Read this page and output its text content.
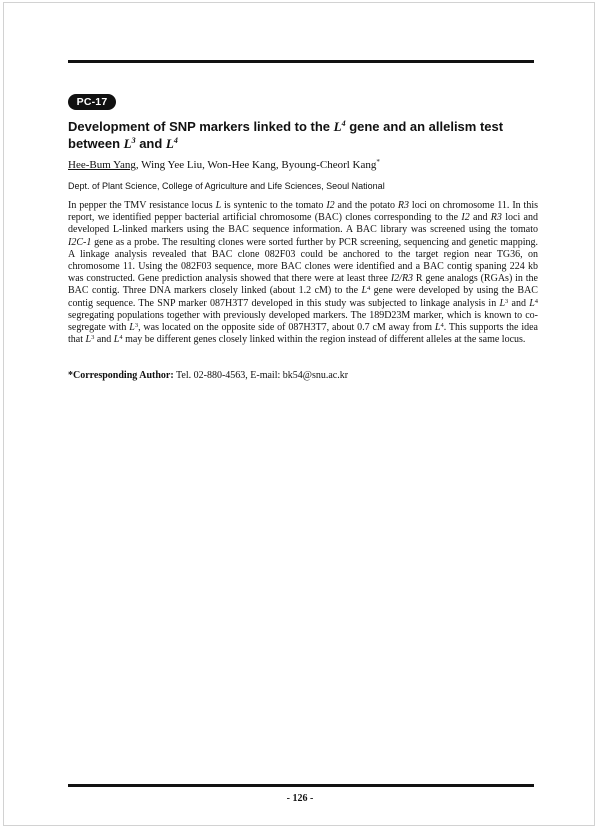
PC-17
Development of SNP markers linked to the $L^4$ gene and an allelism test between $L^3$ and $L^4$
Hee-Bum Yang, Wing Yee Liu, Won-Hee Kang, Byoung-Cheorl Kang*
Dept. of Plant Science, College of Agriculture and Life Sciences, Seoul National

In pepper the TMV resistance locus L is syntenic to the tomato I2 and the potato R3 loci on chromosome 11. In this report, we identified pepper bacterial artificial chromosome (BAC) clones corresponding to the I2 and R3 loci and developed L-linked markers using the BAC sequence information. A BAC library was screened using the tomato I2C-1 gene as a probe. The resulting clones were sorted further by PCR screening, sequencing and genetic mapping. A linkage analysis revealed that BAC clone 082F03 could be anchored to the target region near TG36, on chromosome 11. Using the 082F03 sequence, more BAC clones were identified and a BAC contig spaning 224 kb was constructed. Gene prediction analysis showed that there were at least three I2/R3 R gene analogs (RGAs) in the BAC contig. Three DNA markers closely linked (about 1.2 cM) to the $L^4$ gene were developed by using the BAC contig sequence. The SNP marker 087H3T7 developed in this study was subjected to linkage analysis in $L^3$ and $L^4$ segregating populations together with previously developed markers. The 189D23M marker, which is known to co-segregate with $L^3$, was located on the opposite side of 087H3T7, about 0.7 cM away from $L^4$. This supports the idea that $L^3$ and $L^4$ may be different genes closely linked within the region instead of different alleles at the same locus.

*Corresponding Author: Tel. 02-880-4563, E-mail: bk54@snu.ac.kr
- 126 -
